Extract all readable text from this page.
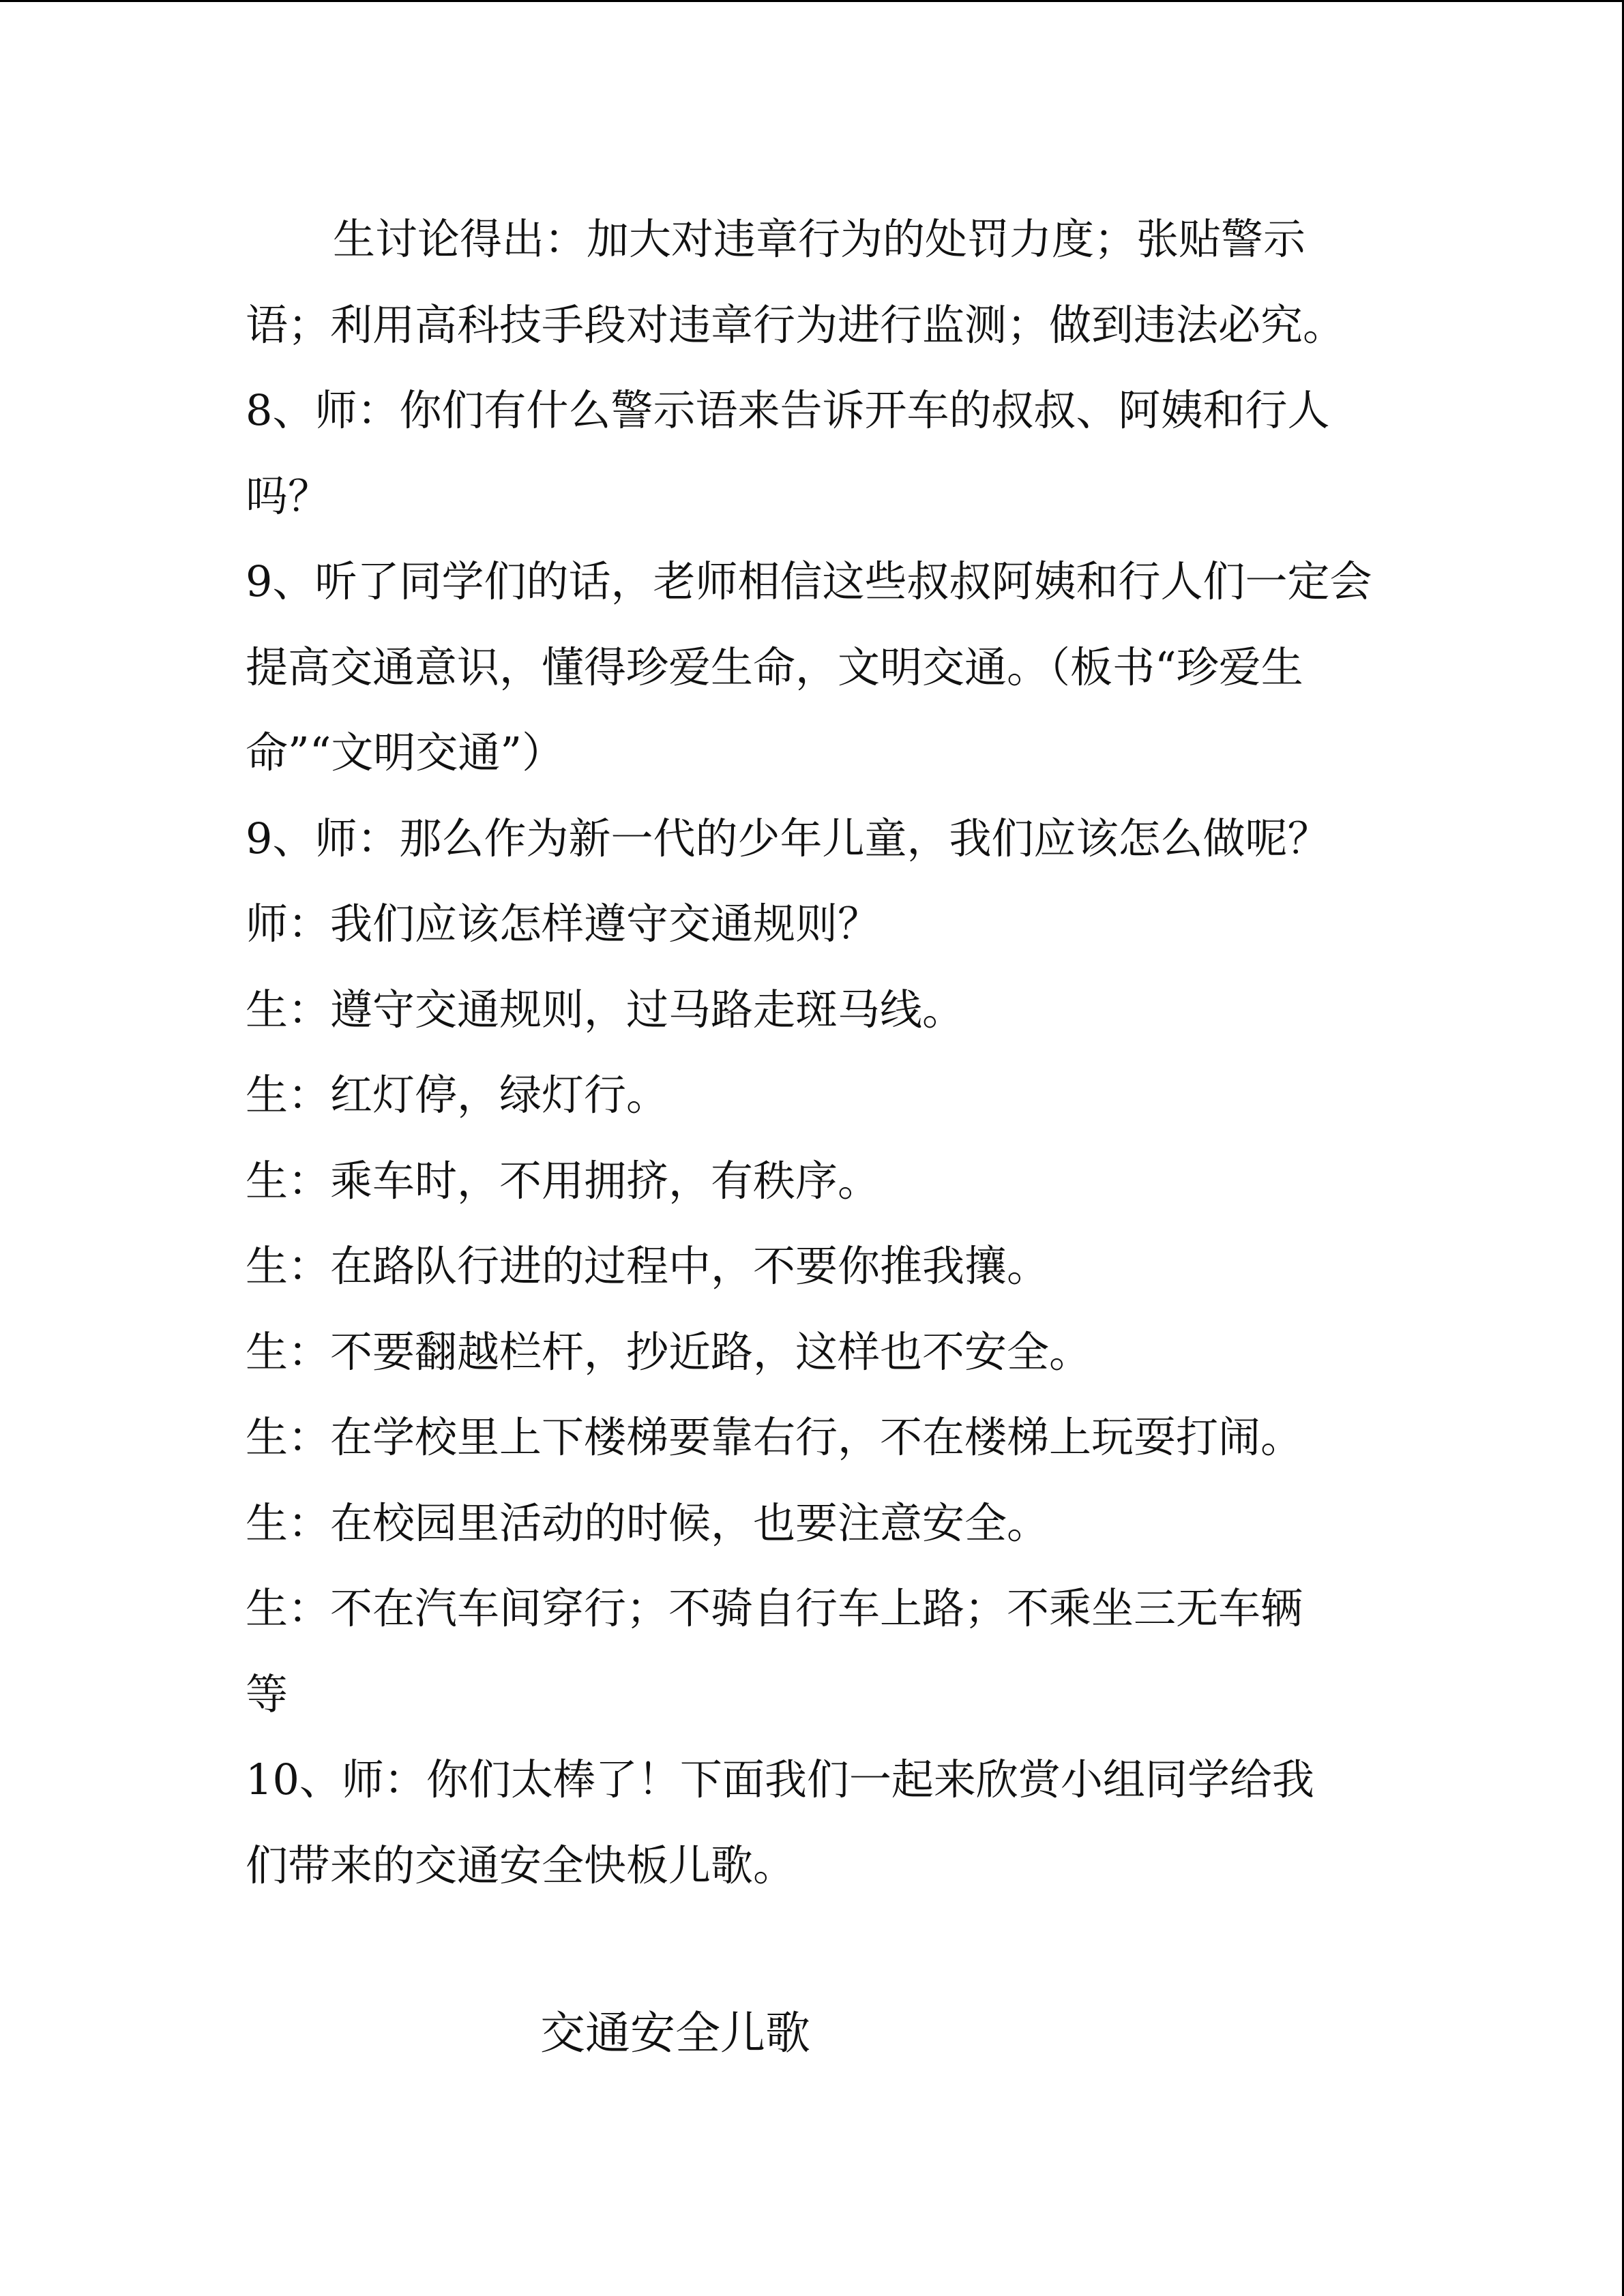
生讨论得出：加大对违章行为的处罚力度；张贴警示语；利用高科技手段对违章行为进行监测；做到违法必究。

8、师：你们有什么警示语来告诉开车的叔叔、阿姨和行人吗？

9、听了同学们的话，老师相信这些叔叔阿姨和行人们一定会提高交通意识，懂得珍爱生命，文明交通。（板书“珍爱生命”“文明交通”）

9、师：那么作为新一代的少年儿童，我们应该怎么做呢？

师：我们应该怎样遵守交通规则？

生：遵守交通规则，过马路走斑马线。

生：红灯停，绿灯行。

生：乘车时，不用拥挤，有秩序。

生：在路队行进的过程中，不要你推我攘。

生：不要翻越栏杆，抄近路，这样也不安全。

生：在学校里上下楼梯要靠右行，不在楼梯上玩耍打闹。

生：在校园里活动的时候，也要注意安全。

生：不在汽车间穿行；不骑自行车上路；不乘坐三无车辆等

10、师：你们太棒了！下面我们一起来欣赏小组同学给我们带来的交通安全快板儿歌。

交通安全儿歌
